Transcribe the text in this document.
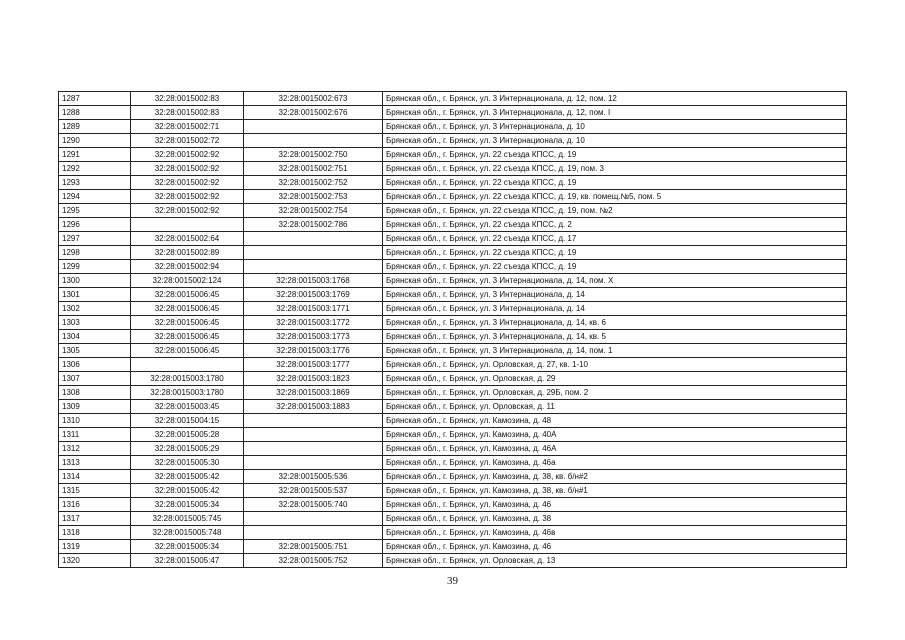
1287	32:28:0015002:83	32:28:0015002:673	Брянская обл., г. Брянск, ул. 3 Интернационала, д. 12, пом. 12
1288	32:28:0015002:83	32:28:0015002:676	Брянская обл., г. Брянск, ул. 3 Интернационала, д. 12, пом. I
1289	32:28:0015002:71		Брянская обл., г. Брянск, ул. 3 Интернационала, д. 10
1290	32:28:0015002:72		Брянская обл., г. Брянск, ул. 3 Интернационала, д. 10
1291	32:28:0015002:92	32:28:0015002:750	Брянская обл., г. Брянск, ул. 22 съезда КПСС, д. 19
1292	32:28:0015002:92	32:28:0015002:751	Брянская обл., г. Брянск, ул. 22 съезда КПСС, д. 19, пом. 3
1293	32:28:0015002:92	32:28:0015002:752	Брянская обл., г. Брянск, ул. 22 съезда КПСС, д. 19
1294	32:28:0015002:92	32:28:0015002:753	Брянская обл., г. Брянск, ул. 22 съезда КПСС, д. 19, кв. помещ.№5, пом. 5
1295	32:28:0015002:92	32:28:0015002:754	Брянская обл., г. Брянск, ул. 22 съезда КПСС, д. 19, пом. №2
1296		32:28:0015002:786	Брянская обл., г. Брянск, ул. 22 съезда КПСС, д. 2
1297	32:28:0015002:64		Брянская обл., г. Брянск, ул. 22 съезда КПСС, д. 17
1298	32:28:0015002:89		Брянская обл., г. Брянск, ул. 22 съезда КПСС, д. 19
1299	32:28:0015002:94		Брянская обл., г. Брянск, ул. 22 съезда КПСС, д. 19
1300	32:28:0015002:124	32:28:0015003:1768	Брянская обл., г. Брянск, ул. 3 Интернационала, д. 14, пом. X
1301	32:28:0015006:45	32:28:0015003:1769	Брянская обл., г. Брянск, ул. 3 Интернационала, д. 14
1302	32:28:0015006:45	32:28:0015003:1771	Брянская обл., г. Брянск, ул. 3 Интернационала, д. 14
1303	32:28:0015006:45	32:28:0015003:1772	Брянская обл., г. Брянск, ул. 3 Интернационала, д. 14, кв. 6
1304	32:28:0015006:45	32:28:0015003:1773	Брянская обл., г. Брянск, ул. 3 Интернационала, д. 14, кв. 5
1305	32:28:0015006:45	32:28:0015003:1776	Брянская обл., г. Брянск, ул. 3 Интернационала, д. 14, пом. 1
1306		32:28:0015003:1777	Брянская обл., г. Брянск, ул. Орловская, д. 27, кв. 1-10
1307	32:28:0015003:1780	32:28:0015003:1823	Брянская обл., г. Брянск, ул. Орловская, д. 29
1308	32:28:0015003:1780	32:28:0015003:1869	Брянская обл., г. Брянск, ул. Орловская, д. 29Б, пом. 2
1309	32:28:0015003:45	32:28:0015003:1883	Брянская обл., г. Брянск, ул. Орловская, д. 11
1310	32:28:0015004:15		Брянская обл., г. Брянск, ул. Камозина, д. 48
1311	32:28:0015005:28		Брянская обл., г. Брянск, ул. Камозина, д. 40А
1312	32:28:0015005:29		Брянская обл., г. Брянск, ул. Камозина, д. 46А
1313	32:28:0015005:30		Брянская обл., г. Брянск, ул. Камозина, д. 46а
1314	32:28:0015005:42	32:28:0015005:536	Брянская обл., г. Брянск, ул. Камозина, д. 38, кв. б/н#2
1315	32:28:0015005:42	32:28:0015005:537	Брянская обл., г. Брянск, ул. Камозина, д. 38, кв. б/н#1
1316	32:28:0015005:34	32:28:0015005:740	Брянская обл., г. Брянск, ул. Камозина, д. 46
1317	32:28:0015005:745		Брянская обл., г. Брянск, ул. Камозина, д. 38
1318	32:28:0015005:748		Брянская обл., г. Брянск, ул. Камозина, д. 46в
1319	32:28:0015005:34	32:28:0015005:751	Брянская обл., г. Брянск, ул. Камозина, д. 46
1320	32:28:0015005:47	32:28:0015005:752	Брянская обл., г. Брянск, ул. Орловская, д. 13
39
